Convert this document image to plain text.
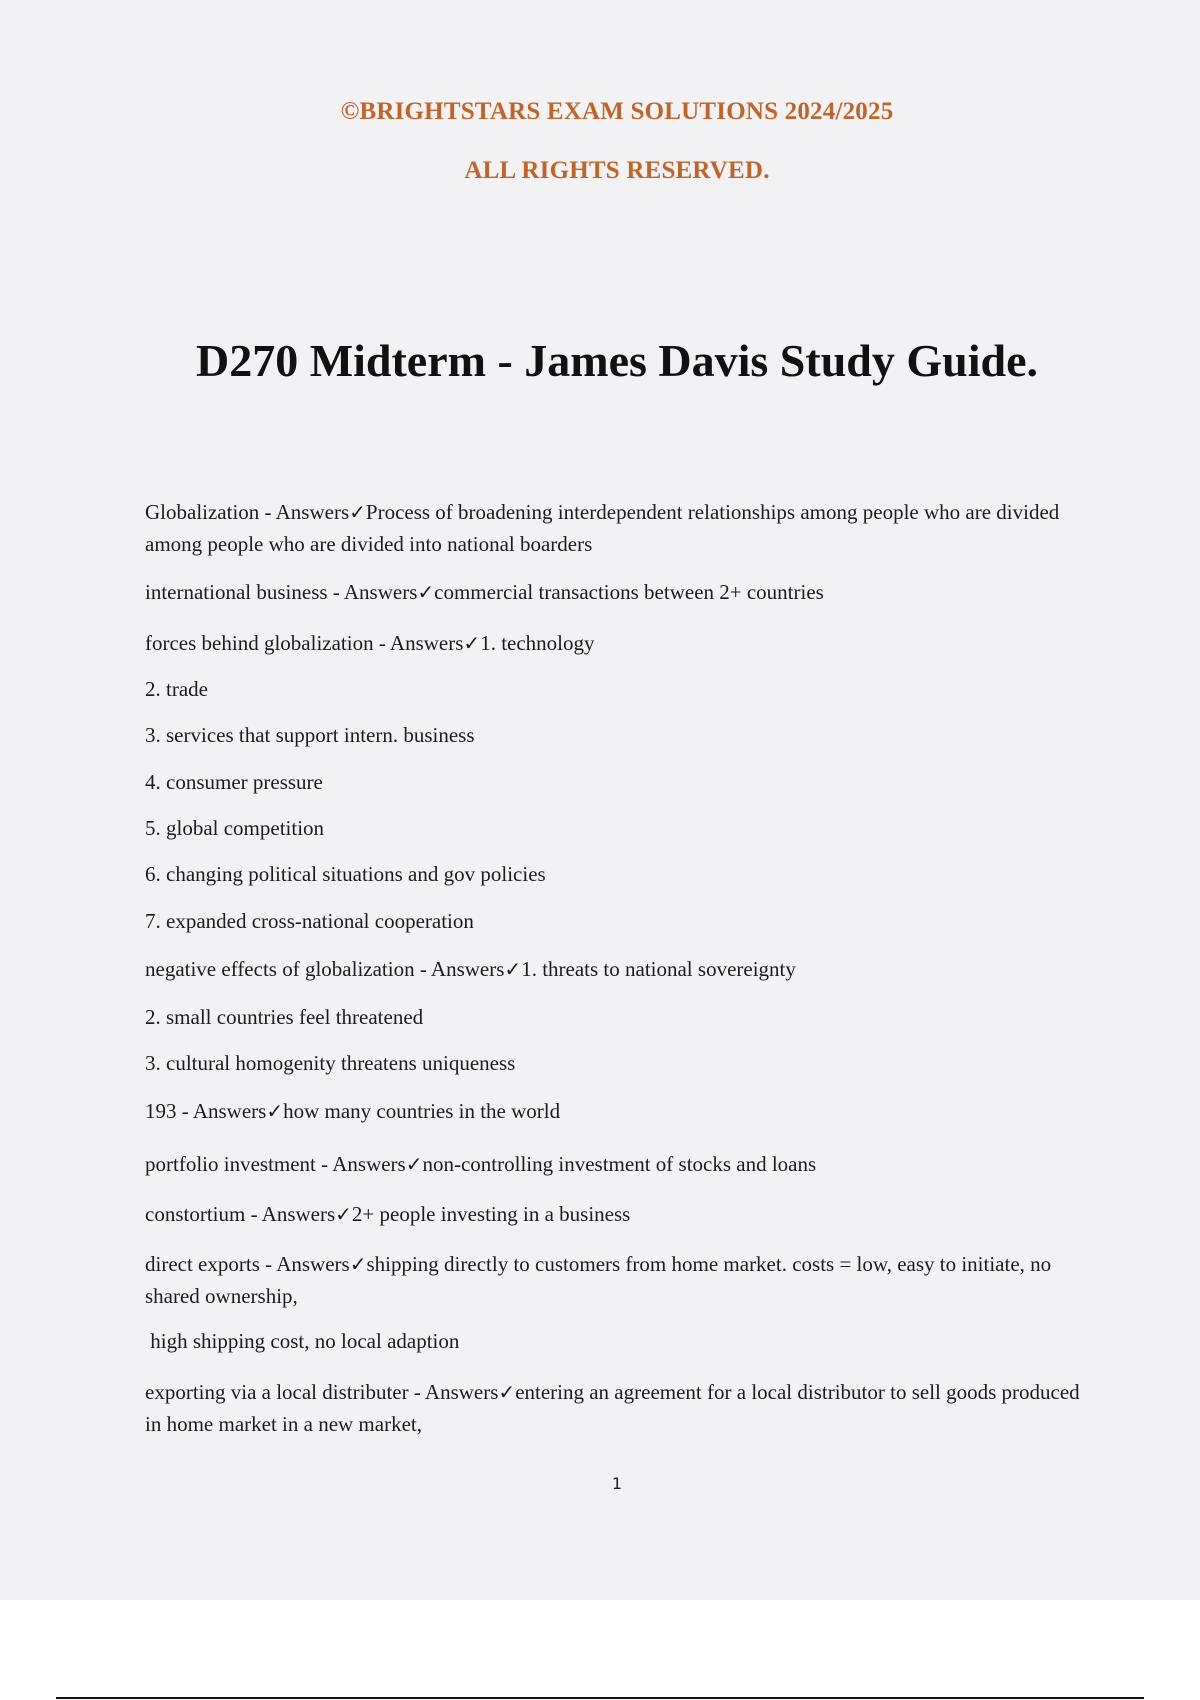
©BRIGHTSTARS EXAM SOLUTIONS 2024/2025
ALL RIGHTS RESERVED.
D270 Midterm - James Davis Study Guide.
Globalization - Answers✓Process of broadening interdependent relationships among people who are divided among people who are divided into national boarders
international business - Answers✓commercial transactions between 2+ countries
forces behind globalization - Answers✓1. technology
2. trade
3. services that support intern. business
4. consumer pressure
5. global competition
6. changing political situations and gov policies
7. expanded cross-national cooperation
negative effects of globalization - Answers✓1. threats to national sovereignty
2. small countries feel threatened
3. cultural homogenity threatens uniqueness
193 - Answers✓how many countries in the world
portfolio investment - Answers✓non-controlling investment of stocks and loans
constortium - Answers✓2+ people investing in a business
direct exports - Answers✓shipping directly to customers from home market. costs = low, easy to initiate, no shared ownership,
high shipping cost, no local adaption
exporting via a local distributer - Answers✓entering an agreement for a local distributor to sell goods produced in home market in a new market,
1
